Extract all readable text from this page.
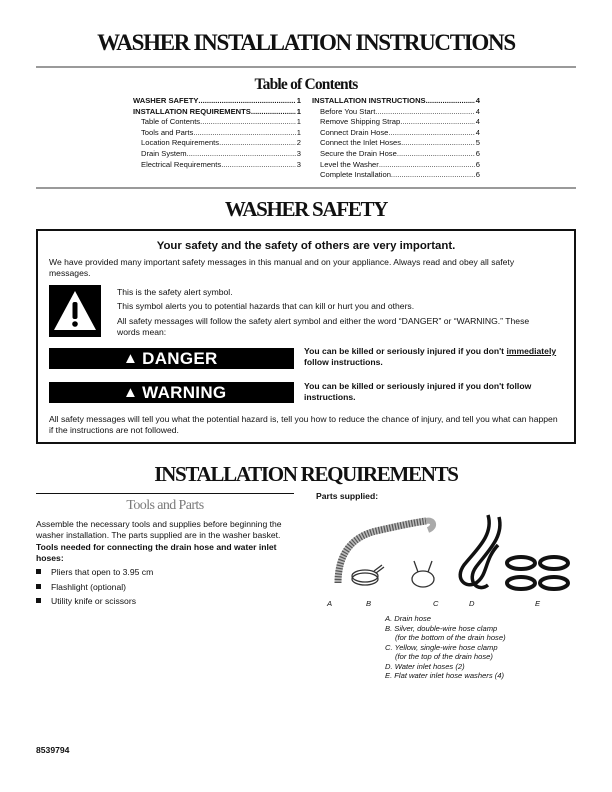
WASHER INSTALLATION INSTRUCTIONS
Table of Contents
WASHER SAFETY .....	1
INSTALLATION REQUIREMENTS .....	1
Table of Contents .....	1
Tools and Parts .....	1
Location Requirements .....	2
Drain System .....	3
Electrical Requirements .....	3
INSTALLATION INSTRUCTIONS .....	4
Before You Start .....	4
Remove Shipping Strap .....	4
Connect Drain Hose .....	4
Connect the Inlet Hoses .....	5
Secure the Drain Hose .....	6
Level the Washer .....	6
Complete Installation .....	6
WASHER SAFETY
Your safety and the safety of others are very important.
We have provided many important safety messages in this manual and on your appliance. Always read and obey all safety messages.
This is the safety alert symbol.
This symbol alerts you to potential hazards that can kill or hurt you and others.
All safety messages will follow the safety alert symbol and either the word “DANGER” or “WARNING.” These words mean:
▲ DANGER	You can be killed or seriously injured if you don't immediately follow instructions.
▲ WARNING	You can be killed or seriously injured if you don't follow instructions.
All safety messages will tell you what the potential hazard is, tell you how to reduce the chance of injury, and tell you what can happen if the instructions are not followed.
INSTALLATION REQUIREMENTS
Tools and Parts
Assemble the necessary tools and supplies before beginning the washer installation. The parts supplied are in the washer basket.
Tools needed for connecting the drain hose and water inlet hoses:
Pliers that open to 3.95 cm
Flashlight (optional)
Utility knife or scissors
Parts supplied:
A	B	C	D	E
A. Drain hose
B. Silver, double-wire hose clamp
(for the bottom of the drain hose)
C. Yellow, single-wire hose clamp
(for the top of the drain hose)
D. Water inlet hoses (2)
E. Flat water inlet hose washers (4)
8539794
